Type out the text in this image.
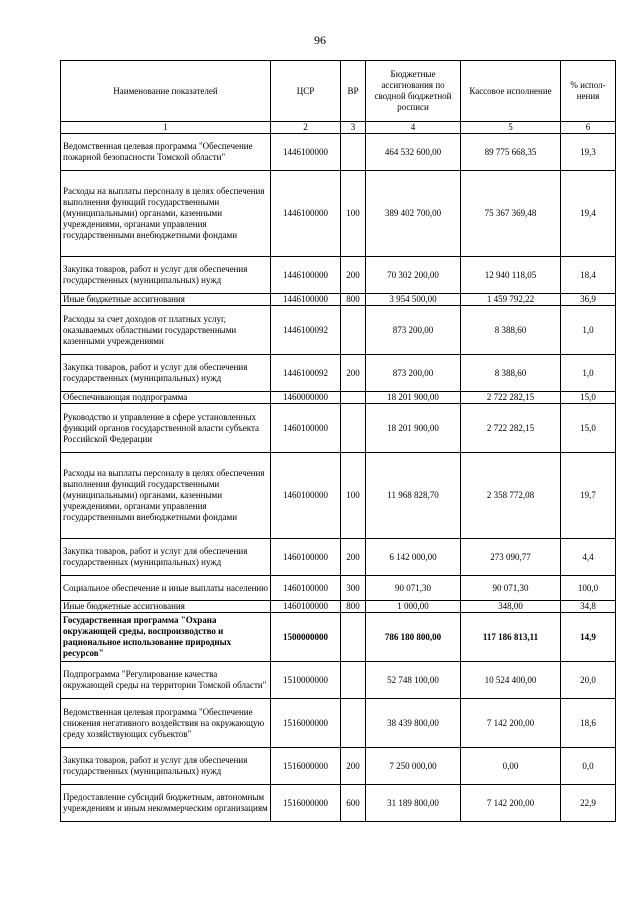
96
Наименование показателей	ЦСР	ВР	Бюджетные ассигнования по сводной бюджетной росписи	Кассовое исполнение	% испол-нения
1	2	3	4	5	6
Ведомственная целевая программа "Обеспечение пожарной безопасности Томской области"	1446100000		464 532 600,00	89 775 668,35	19,3
Расходы на выплаты персоналу в целях обеспечения выполнения функций государственными (муниципальными) органами, казенными учреждениями, органами управления государственными внебюджетными фондами	1446100000	100	389 402 700,00	75 367 369,48	19,4
Закупка товаров, работ и услуг для обеспечения государственных (муниципальных) нужд	1446100000	200	70 302 200,00	12 940 118,05	18,4
Иные бюджетные ассигнования	1446100000	800	3 954 500,00	1 459 792,22	36,9
Расходы за счет доходов от платных услуг, оказываемых областными государственными казенными учреждениями	1446100092		873 200,00	8 388,60	1,0
Закупка товаров, работ и услуг для обеспечения государственных (муниципальных) нужд	1446100092	200	873 200,00	8 388,60	1,0
Обеспечивающая подпрограмма	1460000000		18 201 900,00	2 722 282,15	15,0
Руководство и управление в сфере установленных функций органов государственной власти субъекта Российской Федерации	1460100000		18 201 900,00	2 722 282,15	15,0
Расходы на выплаты персоналу в целях обеспечения выполнения функций государственными (муниципальными) органами, казенными учреждениями, органами управления государственными внебюджетными фондами	1460100000	100	11 968 828,70	2 358 772,08	19,7
Закупка товаров, работ и услуг для обеспечения государственных (муниципальных) нужд	1460100000	200	6 142 000,00	273 090,77	4,4
Социальное обеспечение и иные выплаты населению	1460100000	300	90 071,30	90 071,30	100,0
Иные бюджетные ассигнования	1460100000	800	1 000,00	348,00	34,8
Государственная программа "Охрана окружающей среды, воспроизводство и рациональное использование природных ресурсов"	1500000000		786 180 800,00	117 186 813,11	14,9
Подпрограмма "Регулирование качества окружающей среды на территории Томской области"	1510000000		52 748 100,00	10 524 400,00	20,0
Ведомственная целевая программа "Обеспечение снижения негативного воздействия на окружающую среду хозяйствующих субъектов"	1516000000		38 439 800,00	7 142 200,00	18,6
Закупка товаров, работ и услуг для обеспечения государственных (муниципальных) нужд	1516000000	200	7 250 000,00	0,00	0,0
Предоставление субсидий бюджетным, автономным учреждениям и иным некоммерческим организациям	1516000000	600	31 189 800,00	7 142 200,00	22,9
